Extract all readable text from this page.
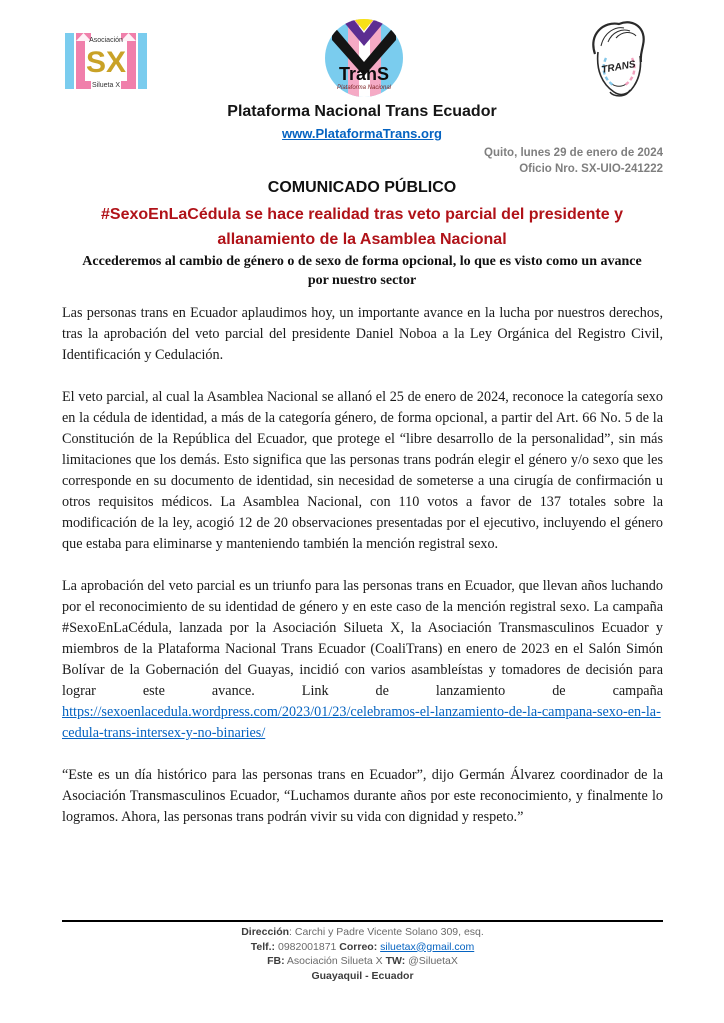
Asociación
SX
Silueta X
TranS
Plataforma Nacional
TRANS
Plataforma Nacional Trans Ecuador
www.PlataformaTrans.org
Quito, lunes 29 de enero de 2024
Oficio Nro. SX-UIO-241222
COMUNICADO PÚBLICO
#SexoEnLaCédula se hace realidad tras veto parcial del presidente y allanamiento de la Asamblea Nacional
Accederemos al cambio de género o de sexo de forma opcional, lo que es visto como un avance por nuestro sector

Las personas trans en Ecuador aplaudimos hoy, un importante avance en la lucha por nuestros derechos, tras la aprobación del veto parcial del presidente Daniel Noboa a la Ley Orgánica del Registro Civil, Identificación y Cedulación.

El veto parcial, al cual la Asamblea Nacional se allanó el 25 de enero de 2024, reconoce la categoría sexo en la cédula de identidad, a más de la categoría género, de forma opcional, a partir del Art. 66 No. 5 de la Constitución de la República del Ecuador, que protege el “libre desarrollo de la personalidad”, sin más limitaciones que los demás. Esto significa que las personas trans podrán elegir el género y/o sexo que les corresponde en su documento de identidad, sin necesidad de someterse a una cirugía de confirmación u otros requisitos médicos. La Asamblea Nacional, con 110 votos a favor de 137 totales sobre la modificación de la ley, acogió 12 de 20 observaciones presentadas por el ejecutivo, incluyendo el género que estaba para eliminarse y manteniendo también la mención registral sexo.

La aprobación del veto parcial es un triunfo para las personas trans en Ecuador, que llevan años luchando por el reconocimiento de su identidad de género y en este caso de la mención registral sexo. La campaña #SexoEnLaCédula, lanzada por la Asociación Silueta X, la Asociación Transmasculinos Ecuador y miembros de la Plataforma Nacional Trans Ecuador (CoaliTrans) en enero de 2023 en el Salón Simón Bolívar de la Gobernación del Guayas, incidió con varios asambleístas y tomadores de decisión para lograr este avance. Link de lanzamiento de campaña https://sexoenlacedula.wordpress.com/2023/01/23/celebramos-el-lanzamiento-de-la-campana-sexo-en-la-cedula-trans-intersex-y-no-binaries/

“Este es un día histórico para las personas trans en Ecuador”, dijo Germán Álvarez coordinador de la Asociación Transmasculinos Ecuador, “Luchamos durante años por este reconocimiento, y finalmente lo logramos. Ahora, las personas trans podrán vivir su vida con dignidad y respeto.”

Dirección: Carchi y Padre Vicente Solano 309, esq.
Telf.: 0982001871 Correo: siluetax@gmail.com
FB: Asociación Silueta X TW: @SiluetaX
Guayaquil - Ecuador
